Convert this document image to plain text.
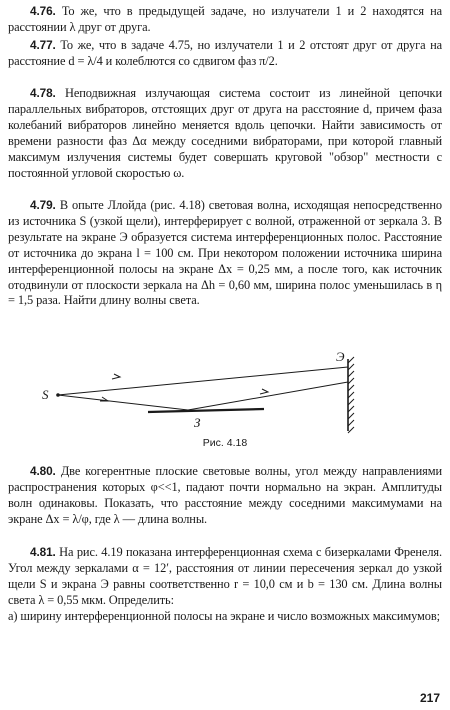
4.76. То же, что в предыдущей задаче, но излучатели 1 и 2 находятся на расстоянии λ друг от друга.

4.77. То же, что в задаче 4.75, но излучатели 1 и 2 отстоят друг от друга на расстояние d = λ/4 и колеблются со сдвигом фаз π/2.

4.78. Неподвижная излучающая система состоит из линейной цепочки параллельных вибраторов, отстоящих друг от друга на расстояние d, причем фаза колебаний вибраторов линейно меняется вдоль цепочки. Найти зависимость от времени разности фаз Δα между соседними вибраторами, при которой главный максимум излучения системы будет совершать круговой "обзор" местности с постоянной угловой скоростью ω.

4.79. В опыте Ллойда (рис. 4.18) световая волна, исходящая непосредственно из источника S (узкой щели), интерферирует с волной, отраженной от зеркала 3. В результате на экране Э образуется система интерференционных полос. Расстояние от источника до экрана l = 100 см. При некотором положении источника ширина интерференционной полосы на экране Δx = 0,25 мм, а после того, как источник отодвинули от плоскости зеркала на Δh = 0,60 мм, ширина полос уменьшилась в η = 1,5 раза. Найти длину волны света.

S
З
Э
Рис. 4.18

4.80. Две когерентные плоские световые волны, угол между направлениями распространения которых φ<<1, падают почти нормально на экран. Амплитуды волн одинаковы. Показать, что расстояние между соседними максимумами на экране Δx = λ/φ, где λ — длина волны.

4.81. На рис. 4.19 показана интерференционная схема с бизеркалами Френеля. Угол между зеркалами α = 12′, расстояния от линии пересечения зеркал до узкой щели S и экрана Э равны соответственно r = 10,0 см и b = 130 см. Длина волны света λ = 0,55 мкм. Определить:

а) ширину интерференционной полосы на экране и число возможных максимумов;

217
